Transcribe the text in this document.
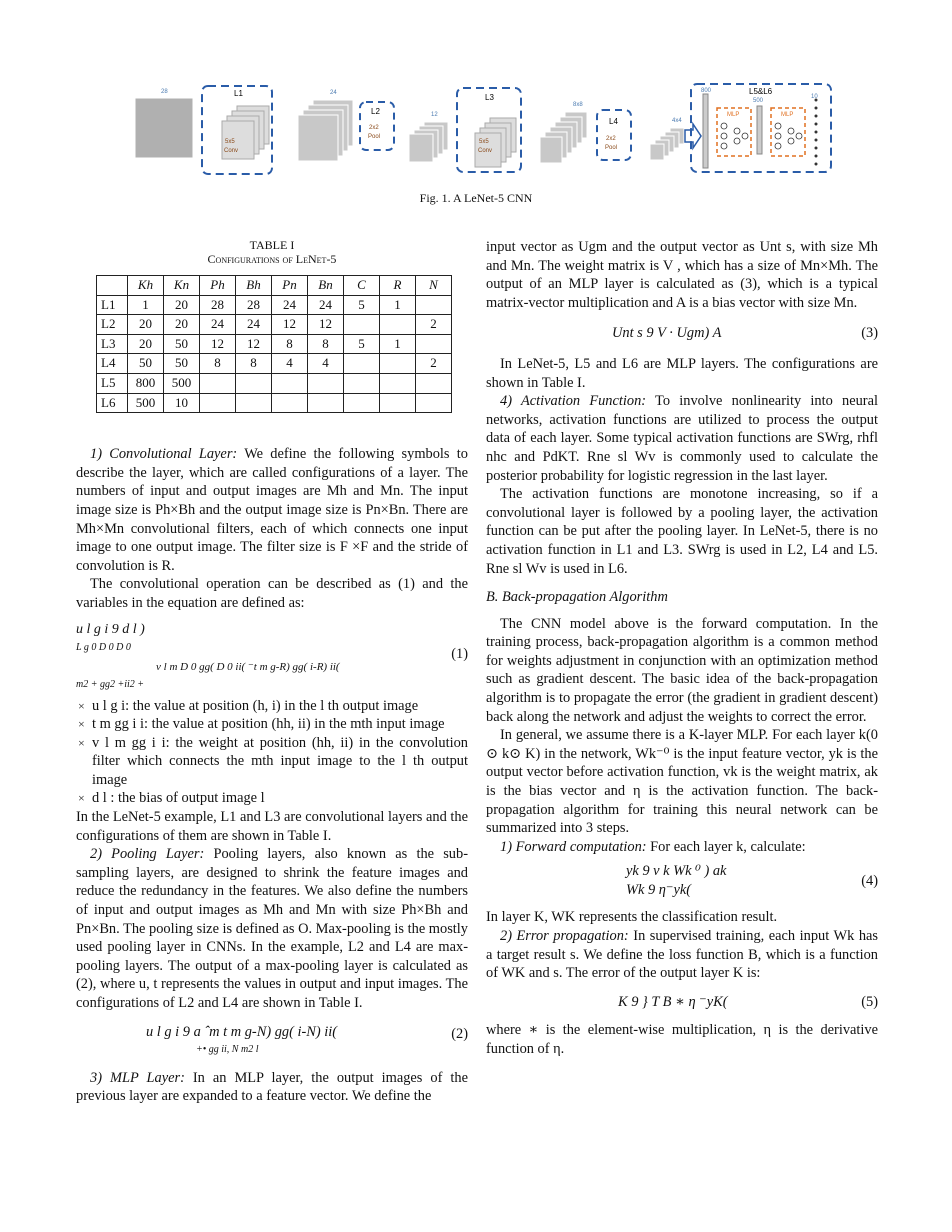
28	L1
5x5
Conv
24
L2
2x2
Pool
12
L3
5x5
Conv
8x8
L4
2x2
Pool
4x4
L5&L6
MLP	MLP
800
500
10
Fig. 1. A LeNet-5 CNN
TABLE I
Configurations of LeNet-5
	Kh	Kn	Ph	Bh	Pn	Bn	C	R	N
L1	1	20	28	28	24	24	5	1	
L2	20	20	24	24	12	12			2
L3	20	50	12	12	8	8	5	1	
L4	50	50	8	8	4	4			2
L5	800	500							
L6	500	10							

1) Convolutional Layer: We define the following symbols to describe the layer, which are called configurations of a layer. The numbers of input and output images are Mh and Mn. The input image size is Ph×Bh and the output image size is Pn×Bn. There are Mh×Mn convolutional filters, each of which connects one input image to one output image. The filter size is F ×F and the stride of convolution is R.

The convolutional operation can be described as (1) and the variables in the equation are defined as:

u l g i 9 d l )
L g 0 D 0 D 0
v l m D 0 gg( D 0 ii( ⁻t m g‑R) gg( i‑R) ii(
m2 + gg2 +ii2 +
(1)
× u l g i: the value at position (h, i) in the l th output image
× t m gg i i: the value at position (hh, ii) in the mth input image
× v l m gg i i: the weight at position (hh, ii) in the convolution filter which connects the mth input image to the l th output image
× d l : the bias of output image l

In the LeNet-5 example, L1 and L3 are convolutional layers and the configurations of them are shown in Table I.

2) Pooling Layer: Pooling layers, also known as the sub-sampling layers, are designed to shrink the feature images and reduce the redundancy in the features. We also define the numbers of input and output images as Mh and Mn with size Ph×Bh and Pn×Bn. The pooling size is defined as O. Max-pooling is the mostly used pooling layer in CNNs. In the example, L2 and L4 are max-pooling layers. The output of a max-pooling layer is calculated as (2), where u, t represents the values in output and input images. The configurations of L2 and L4 are shown in Table I.

u l g i 9 a ˆm t m g‑N) gg( i‑N) ii(
+• gg ii, N m2 l
(2)

3) MLP Layer: In an MLP layer, the output images of the previous layer are expanded to a feature vector. We define the

input vector as Ugm and the output vector as Unt s, with size Mh and Mn. The weight matrix is V , which has a size of Mn×Mh. The output of an MLP layer is calculated as (3), which is a typical matrix-vector multiplication and A is a bias vector with size Mn.

Unt s 9 V · Ugm) A	(3)

In LeNet-5, L5 and L6 are MLP layers. The configurations are shown in Table I.

4) Activation Function: To involve nonlinearity into neural networks, activation functions are utilized to process the output data of each layer. Some typical activation functions are SWrg, rhfl nhc and PdKT. Rne sl Wv is commonly used to calculate the posterior probability for logistic regression in the last layer.

The activation functions are monotone increasing, so if a convolutional layer is followed by a pooling layer, the activation function can be put after the pooling layer. In LeNet-5, there is no activation function in L1 and L3. SWrg is used in L2, L4 and L5. Rne sl Wv is used in L6.

B. Back-propagation Algorithm

The CNN model above is the forward computation. In the training process, back-propagation algorithm is a common method for weights adjustment in conjunction with an optimization method such as gradient descent. The basic idea of the back-propagation algorithm is to propagate the error (the gradient in gradient descent) back along the network and adjust the weights to correct the error.

In general, we assume there is a K-layer MLP. For each layer k(0 ⊙ k⊙ K) in the network, Wk⁻⁰ is the input feature vector, yk is the output vector before activation function, vk is the weight matrix, ak is the bias vector and η is the activation function. The back-propagation algorithm for training this neural network can be summarized into 3 steps.

1) Forward computation: For each layer k, calculate:

yk 9 v k Wk ⁰ ) ak
Wk 9 η⁻yk(
(4)

In layer K, WK represents the classification result.

2) Error propagation: In supervised training, each input Wk has a target result s. We define the loss function B, which is a function of WK and s. The error of the output layer K is:

K 9 } T B ∗ η ⁻yK(	(5)

where ∗ is the element-wise multiplication, η is the derivative function of η.
